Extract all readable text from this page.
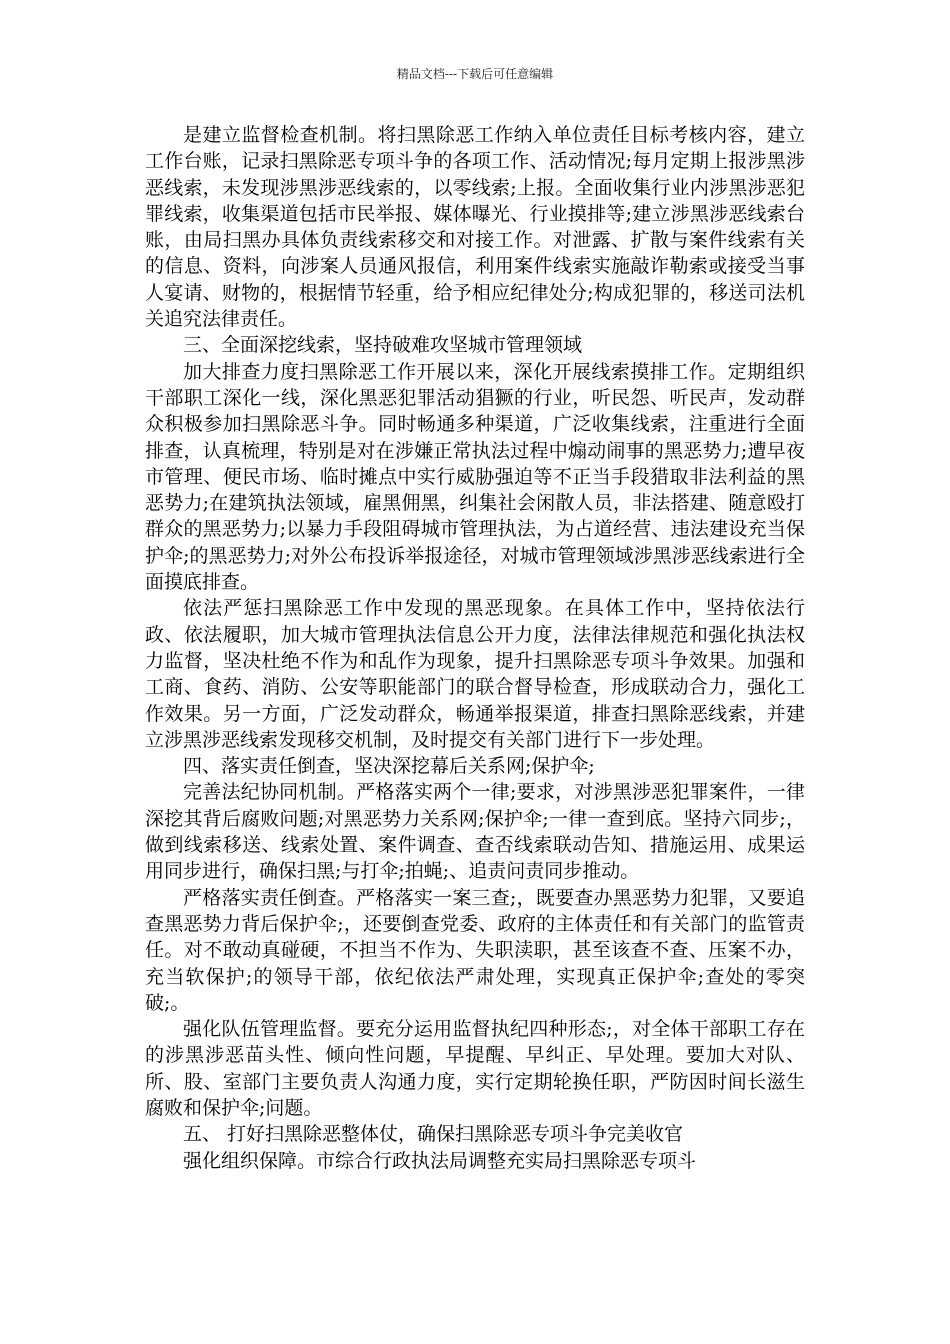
精品文档---下载后可任意编辑

是建立监督检查机制。将扫黑除恶工作纳入单位责任目标考核内容，建立工作台账，记录扫黑除恶专项斗争的各项工作、活动情况;每月定期上报涉黑涉恶线索，未发现涉黑涉恶线索的，以零线索;上报。全面收集行业内涉黑涉恶犯罪线索，收集渠道包括市民举报、媒体曝光、行业摸排等;建立涉黑涉恶线索台账，由局扫黑办具体负责线索移交和对接工作。对泄露、扩散与案件线索有关的信息、资料，向涉案人员通风报信，利用案件线索实施敲诈勒索或接受当事人宴请、财物的，根据情节轻重，给予相应纪律处分;构成犯罪的，移送司法机关追究法律责任。

三、全面深挖线索，坚持破难攻坚城市管理领域

加大排查力度扫黑除恶工作开展以来，深化开展线索摸排工作。定期组织干部职工深化一线，深化黑恶犯罪活动猖獗的行业，听民怨、听民声，发动群众积极参加扫黑除恶斗争。同时畅通多种渠道，广泛收集线索，注重进行全面排查，认真梳理，特别是对在涉嫌正常执法过程中煽动闹事的黑恶势力;遭早夜市管理、便民市场、临时摊点中实行威胁强迫等不正当手段猎取非法利益的黑恶势力;在建筑执法领域，雇黑佣黑，纠集社会闲散人员，非法搭建、随意殴打群众的黑恶势力;以暴力手段阻碍城市管理执法，为占道经营、违法建设充当保护伞;的黑恶势力;对外公布投诉举报途径，对城市管理领域涉黑涉恶线索进行全面摸底排查。

依法严惩扫黑除恶工作中发现的黑恶现象。在具体工作中，坚持依法行政、依法履职，加大城市管理执法信息公开力度，法律法律规范和强化执法权力监督，坚决杜绝不作为和乱作为现象，提升扫黑除恶专项斗争效果。加强和工商、食药、消防、公安等职能部门的联合督导检查，形成联动合力，强化工作效果。另一方面，广泛发动群众，畅通举报渠道，排查扫黑除恶线索，并建立涉黑涉恶线索发现移交机制，及时提交有关部门进行下一步处理。

四、落实责任倒查，坚决深挖幕后关系网;保护伞;

完善法纪协同机制。严格落实两个一律;要求，对涉黑涉恶犯罪案件，一律深挖其背后腐败问题;对黑恶势力关系网;保护伞;一律一查到底。坚持六同步;，做到线索移送、线索处置、案件调查、查否线索联动告知、措施运用、成果运用同步进行，确保扫黑;与打伞;拍蝇;、追责问责同步推动。

严格落实责任倒查。严格落实一案三查;，既要查办黑恶势力犯罪，又要追查黑恶势力背后保护伞;，还要倒查党委、政府的主体责任和有关部门的监管责任。对不敢动真碰硬，不担当不作为、失职渎职，甚至该查不查、压案不办，充当软保护;的领导干部，依纪依法严肃处理，实现真正保护伞;查处的零突破;。

强化队伍管理监督。要充分运用监督执纪四种形态;，对全体干部职工存在的涉黑涉恶苗头性、倾向性问题，早提醒、早纠正、早处理。要加大对队、所、股、室部门主要负责人沟通力度，实行定期轮换任职，严防因时间长滋生腐败和保护伞;问题。

五、 打好扫黑除恶整体仗，确保扫黑除恶专项斗争完美收官

强化组织保障。市综合行政执法局调整充实局扫黑除恶专项斗
